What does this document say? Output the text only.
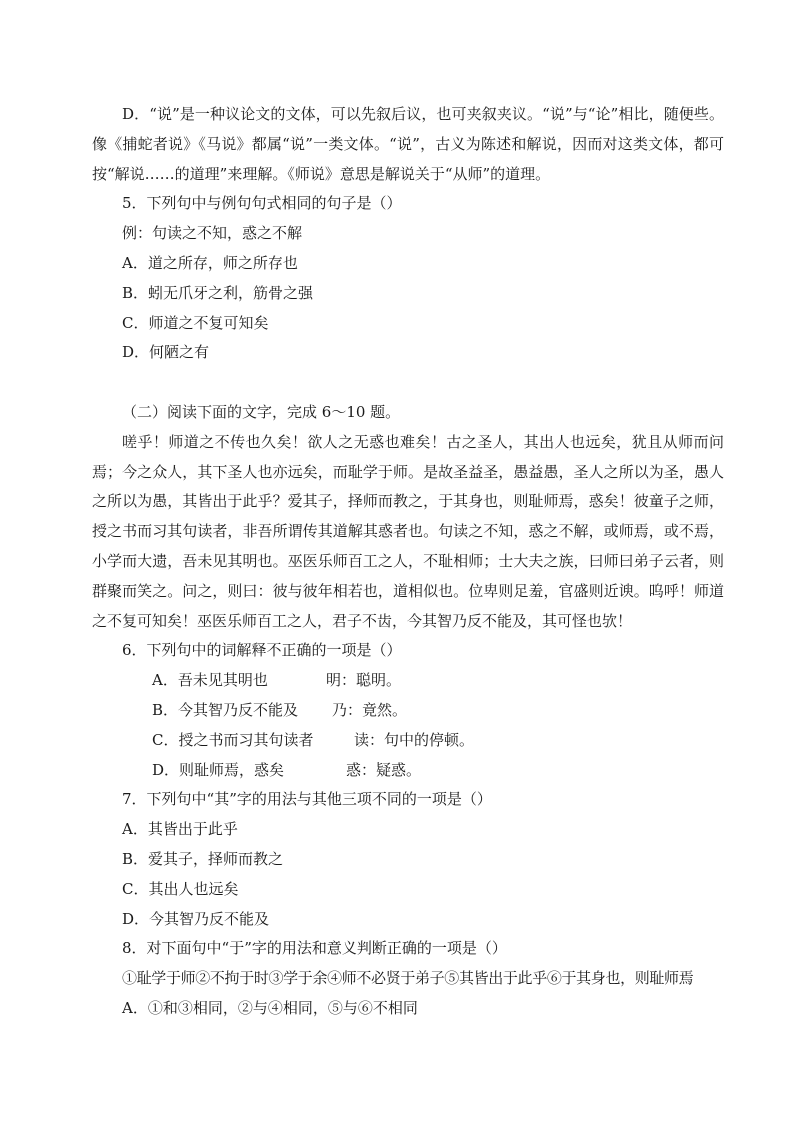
D．“说”是一种议论文的文体，可以先叙后议，也可夹叙夹议。“说”与“论”相比，随便些。像《捕蛇者说》《马说》都属“说”一类文体。“说”，古义为陈述和解说，因而对这类文体，都可按“解说……的道理”来理解。《师说》意思是解说关于“从师”的道理。

5．下列句中与例句句式相同的句子是（）

例：句读之不知，惑之不解

A．道之所存，师之所存也

B．蚓无爪牙之利，筋骨之强

C．师道之不复可知矣

D．何陋之有

（二）阅读下面的文字，完成 6～10 题。

嗟乎！师道之不传也久矣！欲人之无惑也难矣！古之圣人，其出人也远矣，犹且从师而问焉；今之众人，其下圣人也亦远矣，而耻学于师。是故圣益圣，愚益愚，圣人之所以为圣，愚人之所以为愚，其皆出于此乎？爱其子，择师而教之，于其身也，则耻师焉，惑矣！彼童子之师，授之书而习其句读者，非吾所谓传其道解其惑者也。句读之不知，惑之不解，或师焉，或不焉，小学而大遗，吾未见其明也。巫医乐师百工之人，不耻相师；士大夫之族，曰师曰弟子云者，则群聚而笑之。问之，则曰：彼与彼年相若也，道相似也。位卑则足羞，官盛则近谀。呜呼！师道之不复可知矣！巫医乐师百工之人，君子不齿，今其智乃反不能及，其可怪也欤！

6．下列句中的词解释不正确的一项是（）

A．吾未见其明也	明：聪明。

B．今其智乃反不能及 乃：竟然。

C．授之书而习其句读者	读：句中的停顿。

D．则耻师焉，惑矣	惑：疑惑。

7．下列句中“其”字的用法与其他三项不同的一项是（）

A．其皆出于此乎

B．爱其子，择师而教之

C．其出人也远矣

D．今其智乃反不能及

8．对下面句中“于”字的用法和意义判断正确的一项是（）

①耻学于师②不拘于时③学于余④师不必贤于弟子⑤其皆出于此乎⑥于其身也，则耻师焉

A．①和③相同，②与④相同，⑤与⑥不相同
